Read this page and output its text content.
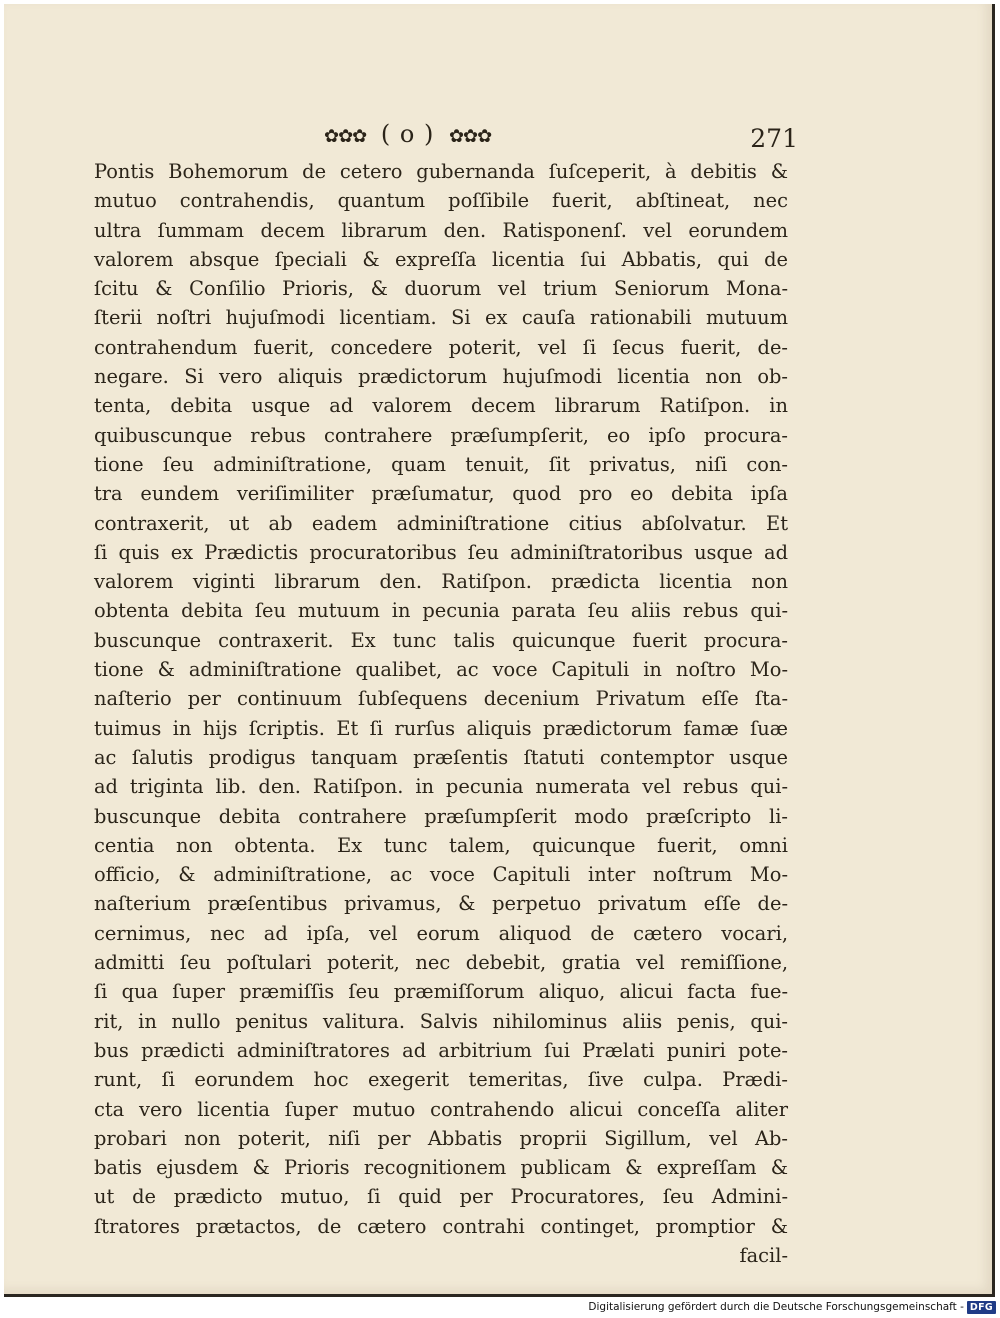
✿✿✿ ( o ) ✿✿✿	271
Pontis Bohemorum de cetero gubernanda ſuſceperit, à debitis &
mutuo contrahendis, quantum poſſibile fuerit, abſtineat, nec
ultra ſummam decem librarum den. Ratisponenſ. vel eorundem
valorem absque ſpeciali & expreſſa licentia ſui Abbatis, qui de
ſcitu & Conſilio Prioris, & duorum vel trium Seniorum Mona-
ſterii noſtri hujuſmodi licentiam. Si ex cauſa rationabili mutuum
contrahendum fuerit, concedere poterit, vel ſi ſecus fuerit, de-
negare. Si vero aliquis prædictorum hujuſmodi licentia non ob-
tenta, debita usque ad valorem decem librarum Ratiſpon. in
quibuscunque rebus contrahere præſumpſerit, eo ipſo procura-
tione ſeu adminiſtratione, quam tenuit, ſit privatus, niſi con-
tra eundem veriſimiliter præſumatur, quod pro eo debita ipſa
contraxerit, ut ab eadem adminiſtratione citius abſolvatur. Et
ſi quis ex Prædictis procuratoribus ſeu adminiſtratoribus usque ad
valorem viginti librarum den. Ratiſpon. prædicta licentia non
obtenta debita ſeu mutuum in pecunia parata ſeu aliis rebus qui-
buscunque contraxerit. Ex tunc talis quicunque fuerit procura-
tione & adminiſtratione qualibet, ac voce Capituli in noſtro Mo-
naſterio per continuum ſubſequens decenium Privatum eſſe ſta-
tuimus in hijs ſcriptis. Et ſi rurſus aliquis prædictorum famæ ſuæ
ac ſalutis prodigus tanquam præſentis ſtatuti contemptor usque
ad triginta lib. den. Ratiſpon. in pecunia numerata vel rebus qui-
buscunque debita contrahere præſumpſerit modo præſcripto li-
centia non obtenta. Ex tunc talem, quicunque fuerit, omni
officio, & adminiſtratione, ac voce Capituli inter noſtrum Mo-
naſterium præſentibus privamus, & perpetuo privatum eſſe de-
cernimus, nec ad ipſa, vel eorum aliquod de cætero vocari,
admitti ſeu poſtulari poterit, nec debebit, gratia vel remiſſione,
ſi qua ſuper præmiſſis ſeu præmiſſorum aliquo, alicui facta fue-
rit, in nullo penitus valitura. Salvis nihilominus aliis penis, qui-
bus prædicti adminiſtratores ad arbitrium ſui Prælati puniri pote-
runt, ſi eorundem hoc exegerit temeritas, ſive culpa. Prædi-
cta vero licentia ſuper mutuo contrahendo alicui conceſſa aliter
probari non poterit, niſi per Abbatis proprii Sigillum, vel Ab-
batis ejusdem & Prioris recognitionem publicam & expreſſam &
ut de prædicto mutuo, ſi quid per Procuratores, ſeu Admini-
ſtratores prætactos, de cætero contrahi continget, promptior &
facil-
Digitalisierung gefördert durch die Deutsche Forschungsgemeinschaft - DFG
